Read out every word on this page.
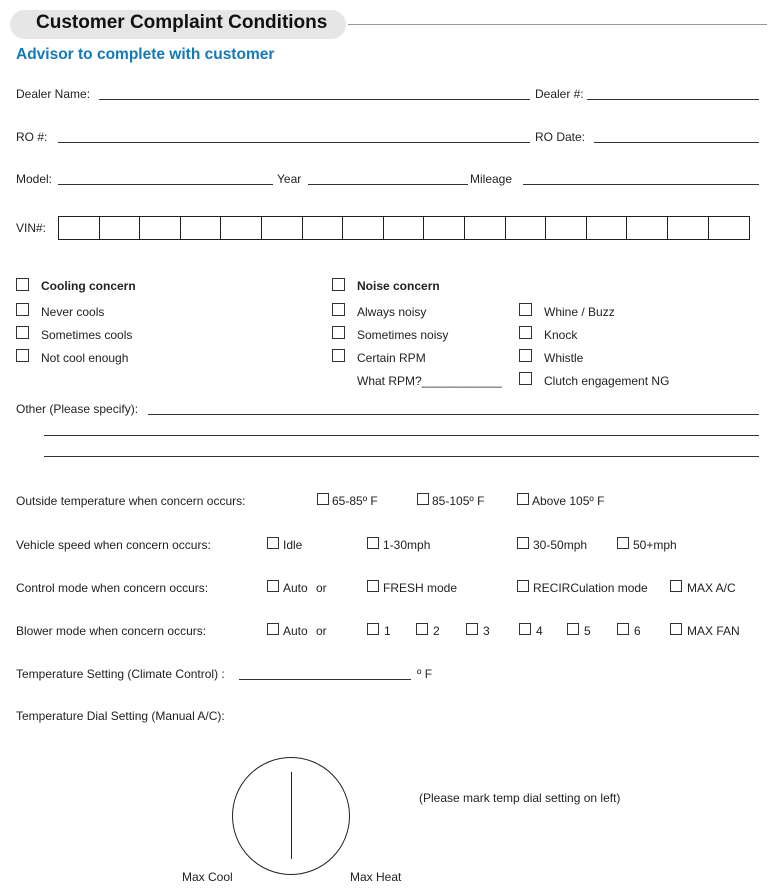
Customer Complaint Conditions
Advisor to complete with customer
Dealer Name:	Dealer #:
RO #:	RO Date:
Model:	Year	Mileage
VIN#:
Cooling concern
Never cools
Sometimes cools
Not cool enough
Noise concern
Always noisy
Sometimes noisy
Certain RPM
What RPM?____________
Whine / Buzz
Knock
Whistle
Clutch engagement NG
Other (Please specify):
Outside temperature when concern occurs:	65-85º F	85-105º F	Above 105º F
Vehicle speed when concern occurs:	Idle	1-30mph	30-50mph	50+mph
Control mode when concern occurs:	Auto or	FRESH mode	RECIRCulation mode	MAX A/C
Blower mode when concern occurs:	Auto or	1	2	3	4	5	6	MAX FAN
Temperature Setting (Climate Control) :	º F
Temperature Dial Setting (Manual A/C):
(Please mark temp dial setting on left)
Max Cool	Max Heat
